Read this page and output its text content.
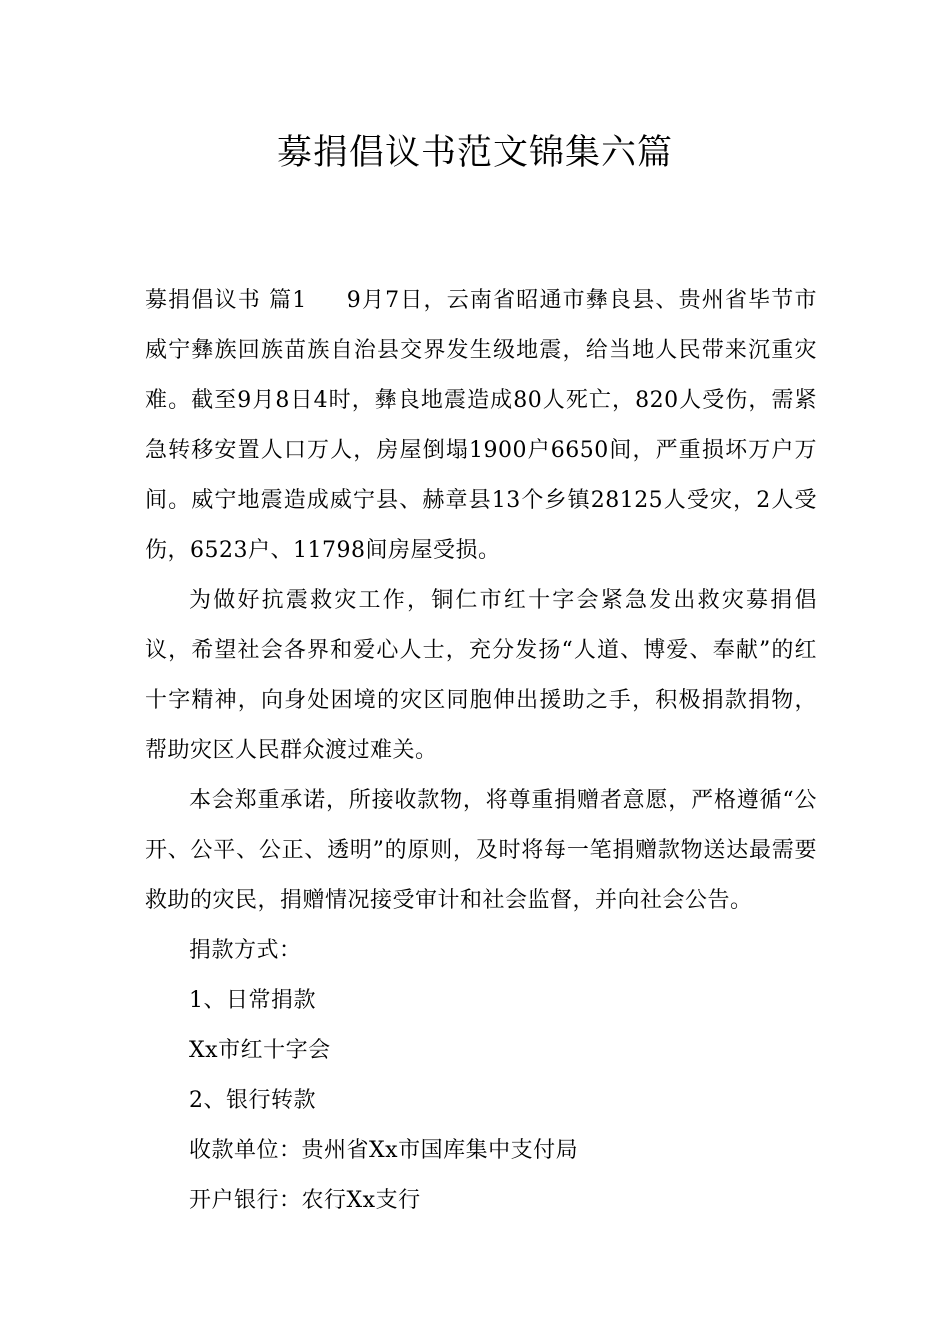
募捐倡议书范文锦集六篇

募捐倡议书 篇1 9月7日，云南省昭通市彝良县、贵州省毕节市威宁彝族回族苗族自治县交界发生级地震，给当地人民带来沉重灾难。截至9月8日4时，彝良地震造成80人死亡，820人受伤，需紧急转移安置人口万人，房屋倒塌1900户6650间，严重损坏万户万间。威宁地震造成威宁县、赫章县13个乡镇28125人受灾，2人受伤，6523户、11798间房屋受损。

为做好抗震救灾工作，铜仁市红十字会紧急发出救灾募捐倡议，希望社会各界和爱心人士，充分发扬“人道、博爱、奉献”的红十字精神，向身处困境的灾区同胞伸出援助之手，积极捐款捐物，帮助灾区人民群众渡过难关。

本会郑重承诺，所接收款物，将尊重捐赠者意愿，严格遵循“公开、公平、公正、透明”的原则，及时将每一笔捐赠款物送达最需要救助的灾民，捐赠情况接受审计和社会监督，并向社会公告。

捐款方式：

1、日常捐款

Xx市红十字会

2、银行转款

收款单位：贵州省Xx市国库集中支付局

开户银行：农行Xx支行
